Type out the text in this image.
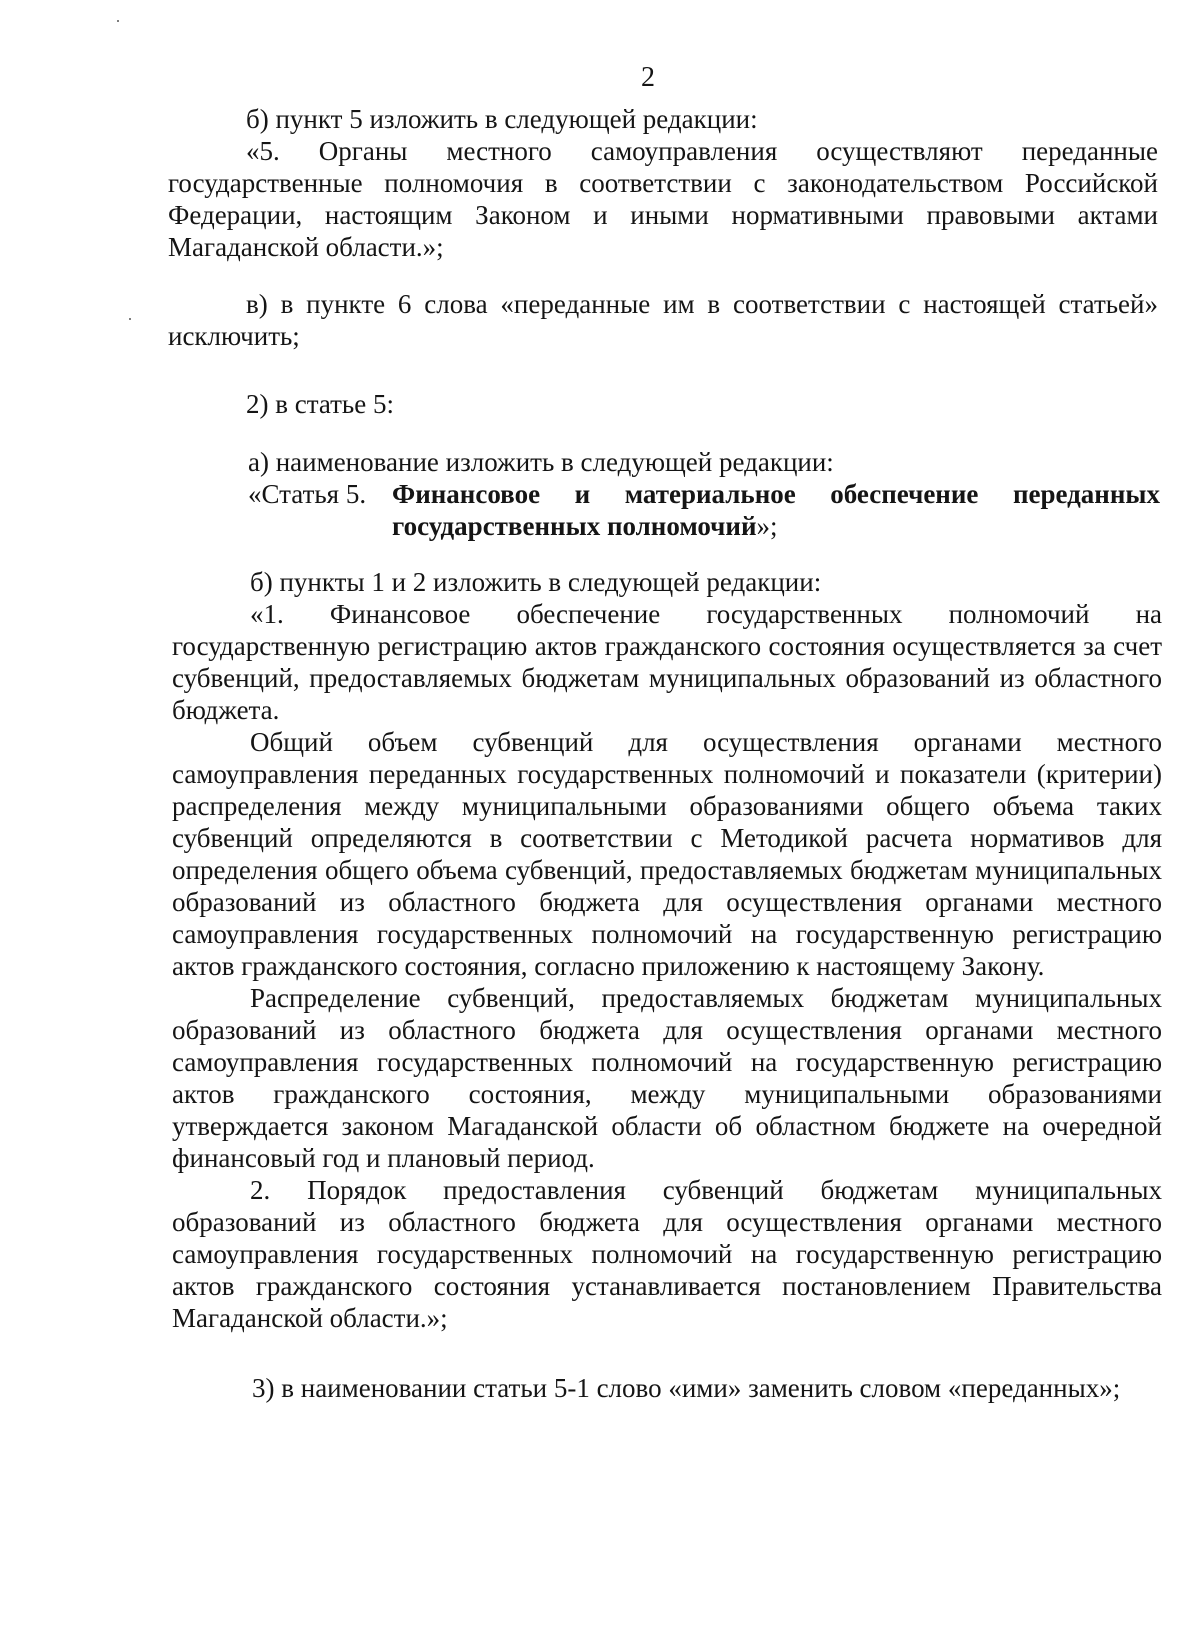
2

б) пункт 5 изложить в следующей редакции:

«5. Органы местного самоуправления осуществляют переданные государственные полномочия в соответствии с законодательством Российской Федерации, настоящим Законом и иными нормативными правовыми актами Магаданской области.»;

в) в пункте 6 слова «переданные им в соответствии с настоящей статьей» исключить;

2) в статье 5:

а) наименование изложить в следующей редакции:

«Статья 5. Финансовое и материальное обеспечение переданных государственных полномочий»;

б) пункты 1 и 2 изложить в следующей редакции:

«1. Финансовое обеспечение государственных полномочий на государственную регистрацию актов гражданского состояния осуществляется за счет субвенций, предоставляемых бюджетам муниципальных образований из областного бюджета.

Общий объем субвенций для осуществления органами местного самоуправления переданных государственных полномочий и показатели (критерии) распределения между муниципальными образованиями общего объема таких субвенций определяются в соответствии с Методикой расчета нормативов для определения общего объема субвенций, предоставляемых бюджетам муниципальных образований из областного бюджета для осуществления органами местного самоуправления государственных полномочий на государственную регистрацию актов гражданского состояния, согласно приложению к настоящему Закону.

Распределение субвенций, предоставляемых бюджетам муниципальных образований из областного бюджета для осуществления органами местного самоуправления государственных полномочий на государственную регистрацию актов гражданского состояния, между муниципальными образованиями утверждается законом Магаданской области об областном бюджете на очередной финансовый год и плановый период.

2. Порядок предоставления субвенций бюджетам муниципальных образований из областного бюджета для осуществления органами местного самоуправления государственных полномочий на государственную регистрацию актов гражданского состояния устанавливается постановлением Правительства Магаданской области.»;

3) в наименовании статьи 5-1 слово «ими» заменить словом «переданных»;
